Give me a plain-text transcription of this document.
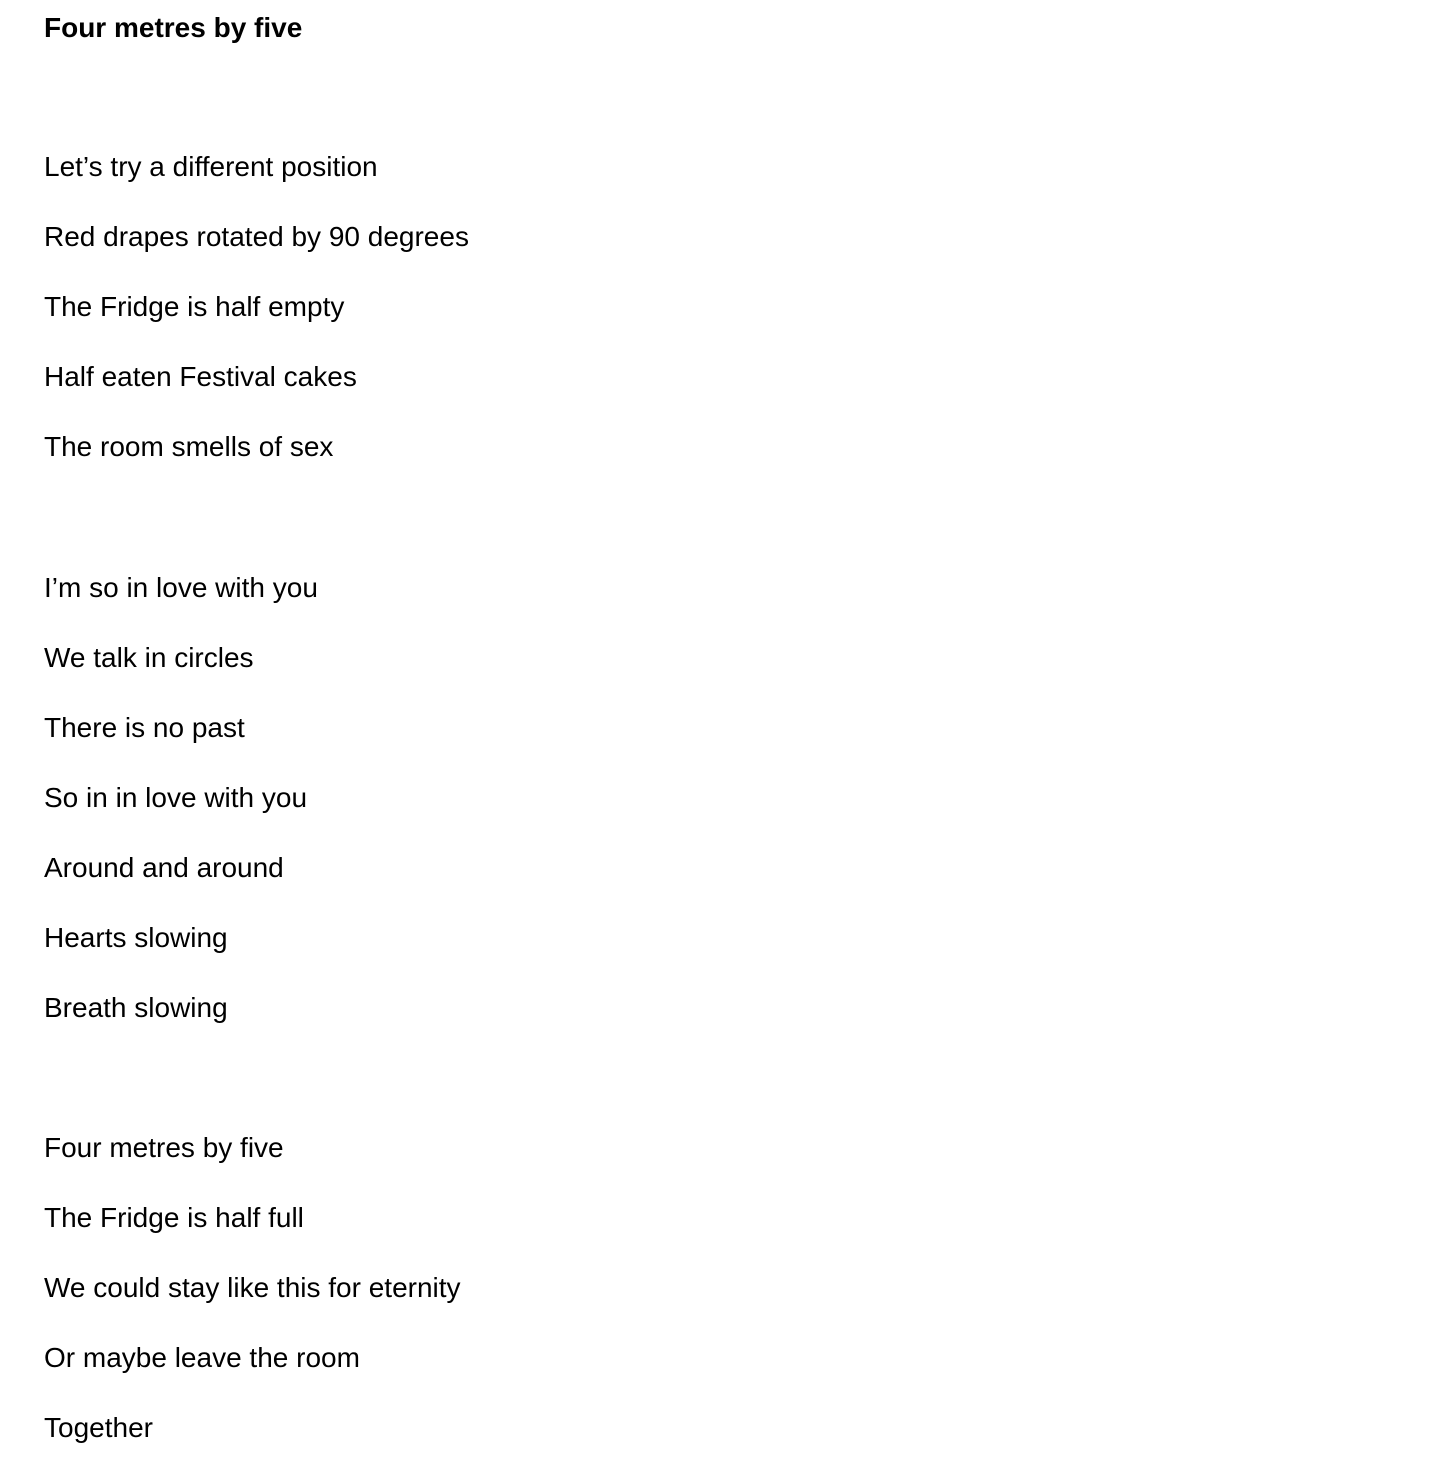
Four metres by five
Let’s try a different position
Red drapes rotated by 90 degrees
The Fridge is half empty
Half eaten Festival cakes
The room smells of sex
I’m so in love with you
We talk in circles
There is no past
So in in love with you
Around and around
Hearts slowing
Breath slowing
Four metres by five
The Fridge is half full
We could stay like this for eternity
Or maybe leave the room
Together
